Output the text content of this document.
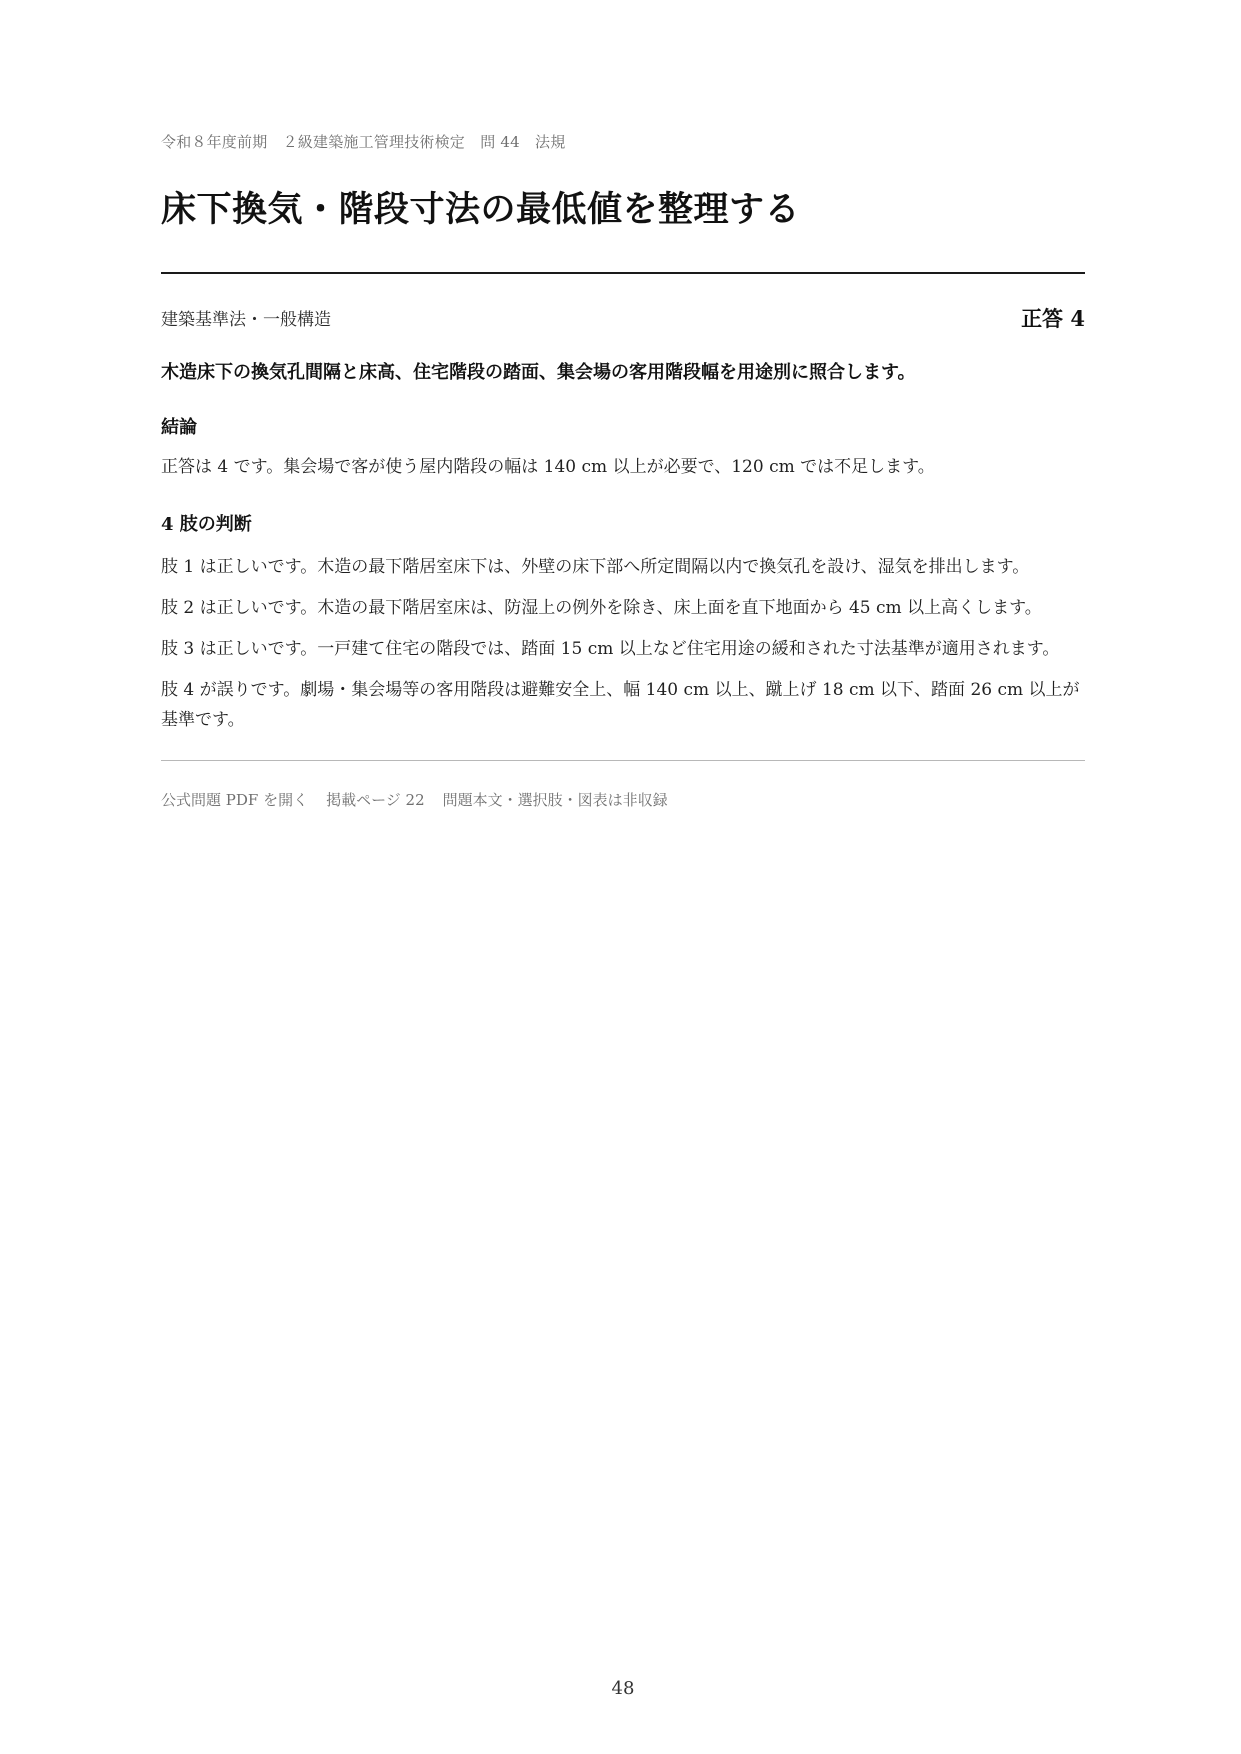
令和８年度前期　２級建築施工管理技術検定　問 44　法規
床下換気・階段寸法の最低値を整理する
建築基準法・一般構造	正答 4
木造床下の換気孔間隔と床高、住宅階段の踏面、集会場の客用階段幅を用途別に照合します。
結論

正答は 4 です。集会場で客が使う屋内階段の幅は 140 cm 以上が必要で、120 cm では不足します。

4 肢の判断
肢 1 は正しいです。木造の最下階居室床下は、外壁の床下部へ所定間隔以内で換気孔を設け、湿気を排出します。
肢 2 は正しいです。木造の最下階居室床は、防湿上の例外を除き、床上面を直下地面から 45 cm 以上高くします。
肢 3 は正しいです。一戸建て住宅の階段では、踏面 15 cm 以上など住宅用途の緩和された寸法基準が適用されます。
肢 4 が誤りです。劇場・集会場等の客用階段は避難安全上、幅 140 cm 以上、蹴上げ 18 cm 以下、踏面 26 cm 以上が基準です。
公式問題 PDF を開く 掲載ページ 22 問題本文・選択肢・図表は非収録
48
